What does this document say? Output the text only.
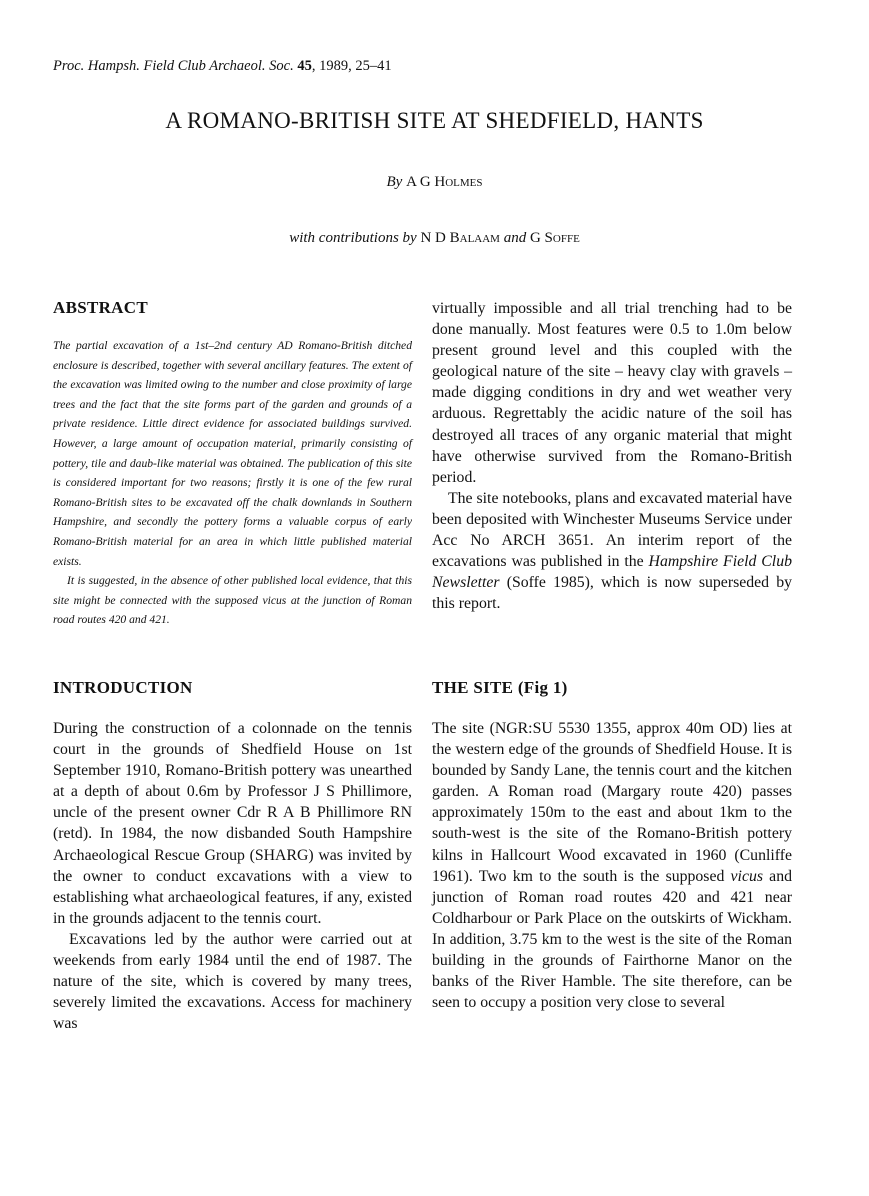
Proc. Hampsh. Field Club Archaeol. Soc. 45, 1989, 25–41
A ROMANO-BRITISH SITE AT SHEDFIELD, HANTS
By A G Holmes
with contributions by N D Balaam and G Soffe
ABSTRACT

The partial excavation of a 1st–2nd century AD Romano-British ditched enclosure is described, together with several ancillary features. The extent of the excavation was limited owing to the number and close proximity of large trees and the fact that the site forms part of the garden and grounds of a private residence. Little direct evidence for associated buildings survived. However, a large amount of occupation material, primarily consisting of pottery, tile and daub-like material was obtained. The publication of this site is considered important for two reasons; firstly it is one of the few rural Romano-British sites to be excavated off the chalk downlands in Southern Hampshire, and secondly the pottery forms a valuable corpus of early Romano-British material for an area in which little published material exists.

It is suggested, in the absence of other published local evidence, that this site might be connected with the supposed vicus at the junction of Roman road routes 420 and 421.

virtually impossible and all trial trenching had to be done manually. Most features were 0.5 to 1.0m below present ground level and this coupled with the geological nature of the site – heavy clay with gravels – made digging conditions in dry and wet weather very arduous. Regrettably the acidic nature of the soil has destroyed all traces of any organic material that might have otherwise survived from the Romano-British period.

The site notebooks, plans and excavated material have been deposited with Winchester Museums Service under Acc No ARCH 3651. An interim report of the excavations was published in the Hampshire Field Club Newsletter (Soffe 1985), which is now superseded by this report.

INTRODUCTION

During the construction of a colonnade on the tennis court in the grounds of Shedfield House on 1st September 1910, Romano-British pottery was unearthed at a depth of about 0.6m by Professor J S Phillimore, uncle of the present owner Cdr R A B Phillimore RN (retd). In 1984, the now disbanded South Hampshire Archaeological Rescue Group (SHARG) was invited by the owner to conduct excavations with a view to establishing what archaeological features, if any, existed in the grounds adjacent to the tennis court.

Excavations led by the author were carried out at weekends from early 1984 until the end of 1987. The nature of the site, which is covered by many trees, severely limited the excavations. Access for machinery was

THE SITE (Fig 1)

The site (NGR:SU 5530 1355, approx 40m OD) lies at the western edge of the grounds of Shedfield House. It is bounded by Sandy Lane, the tennis court and the kitchen garden. A Roman road (Margary route 420) passes approximately 150m to the east and about 1km to the south-west is the site of the Romano-British pottery kilns in Hallcourt Wood excavated in 1960 (Cunliffe 1961). Two km to the south is the supposed vicus and junction of Roman road routes 420 and 421 near Coldharbour or Park Place on the outskirts of Wickham. In addition, 3.75 km to the west is the site of the Roman building in the grounds of Fairthorne Manor on the banks of the River Hamble. The site therefore, can be seen to occupy a position very close to several
